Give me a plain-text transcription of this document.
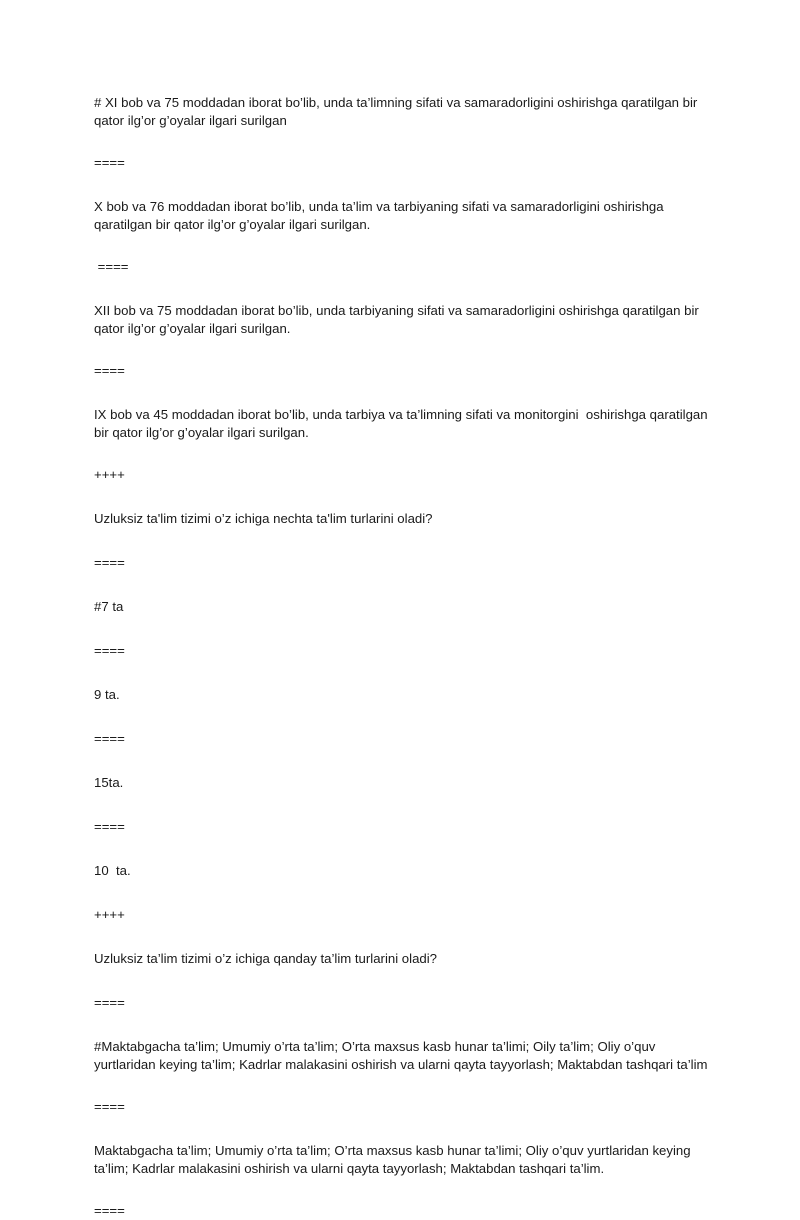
# XI bob va 75 moddadan iborat bo’lib, unda ta’limning sifati va samaradorligini oshirishga qaratilgan bir qator ilg’or g’oyalar ilgari surilgan

====

X bob va 76 moddadan iborat bo’lib, unda ta’lim va tarbiyaning sifati va samaradorligini oshirishga qaratilgan bir qator ilg’or g’oyalar ilgari surilgan.

====

XII bob va 75 moddadan iborat bo’lib, unda tarbiyaning sifati va samaradorligini oshirishga qaratilgan bir qator ilg’or g’oyalar ilgari surilgan.

====

IX bob va 45 moddadan iborat bo’lib, unda tarbiya va ta’limning sifati va monitorgini  oshirishga qaratilgan bir qator ilg’or g’oyalar ilgari surilgan.

++++

Uzluksiz ta'lim tizimi o’z ichiga nechta ta'lim turlarini oladi?

====

#7 ta

====

9 ta.

====

15ta.

====

10  ta.

++++

Uzluksiz ta’lim tizimi o’z ichiga qanday ta’lim turlarini oladi?

====

#Maktabgacha ta’lim; Umumiy o’rta ta’lim; O’rta maxsus kasb hunar ta’limi; Oily ta’lim; Oliy o’quv yurtlaridan keying ta’lim; Kadrlar malakasini oshirish va ularni qayta tayyorlash; Maktabdan tashqari ta’lim

====

Maktabgacha ta’lim; Umumiy o’rta ta’lim; O’rta maxsus kasb hunar ta’limi; Oliy o’quv yurtlaridan keying ta’lim; Kadrlar malakasini oshirish va ularni qayta tayyorlash; Maktabdan tashqari ta’lim.

====
